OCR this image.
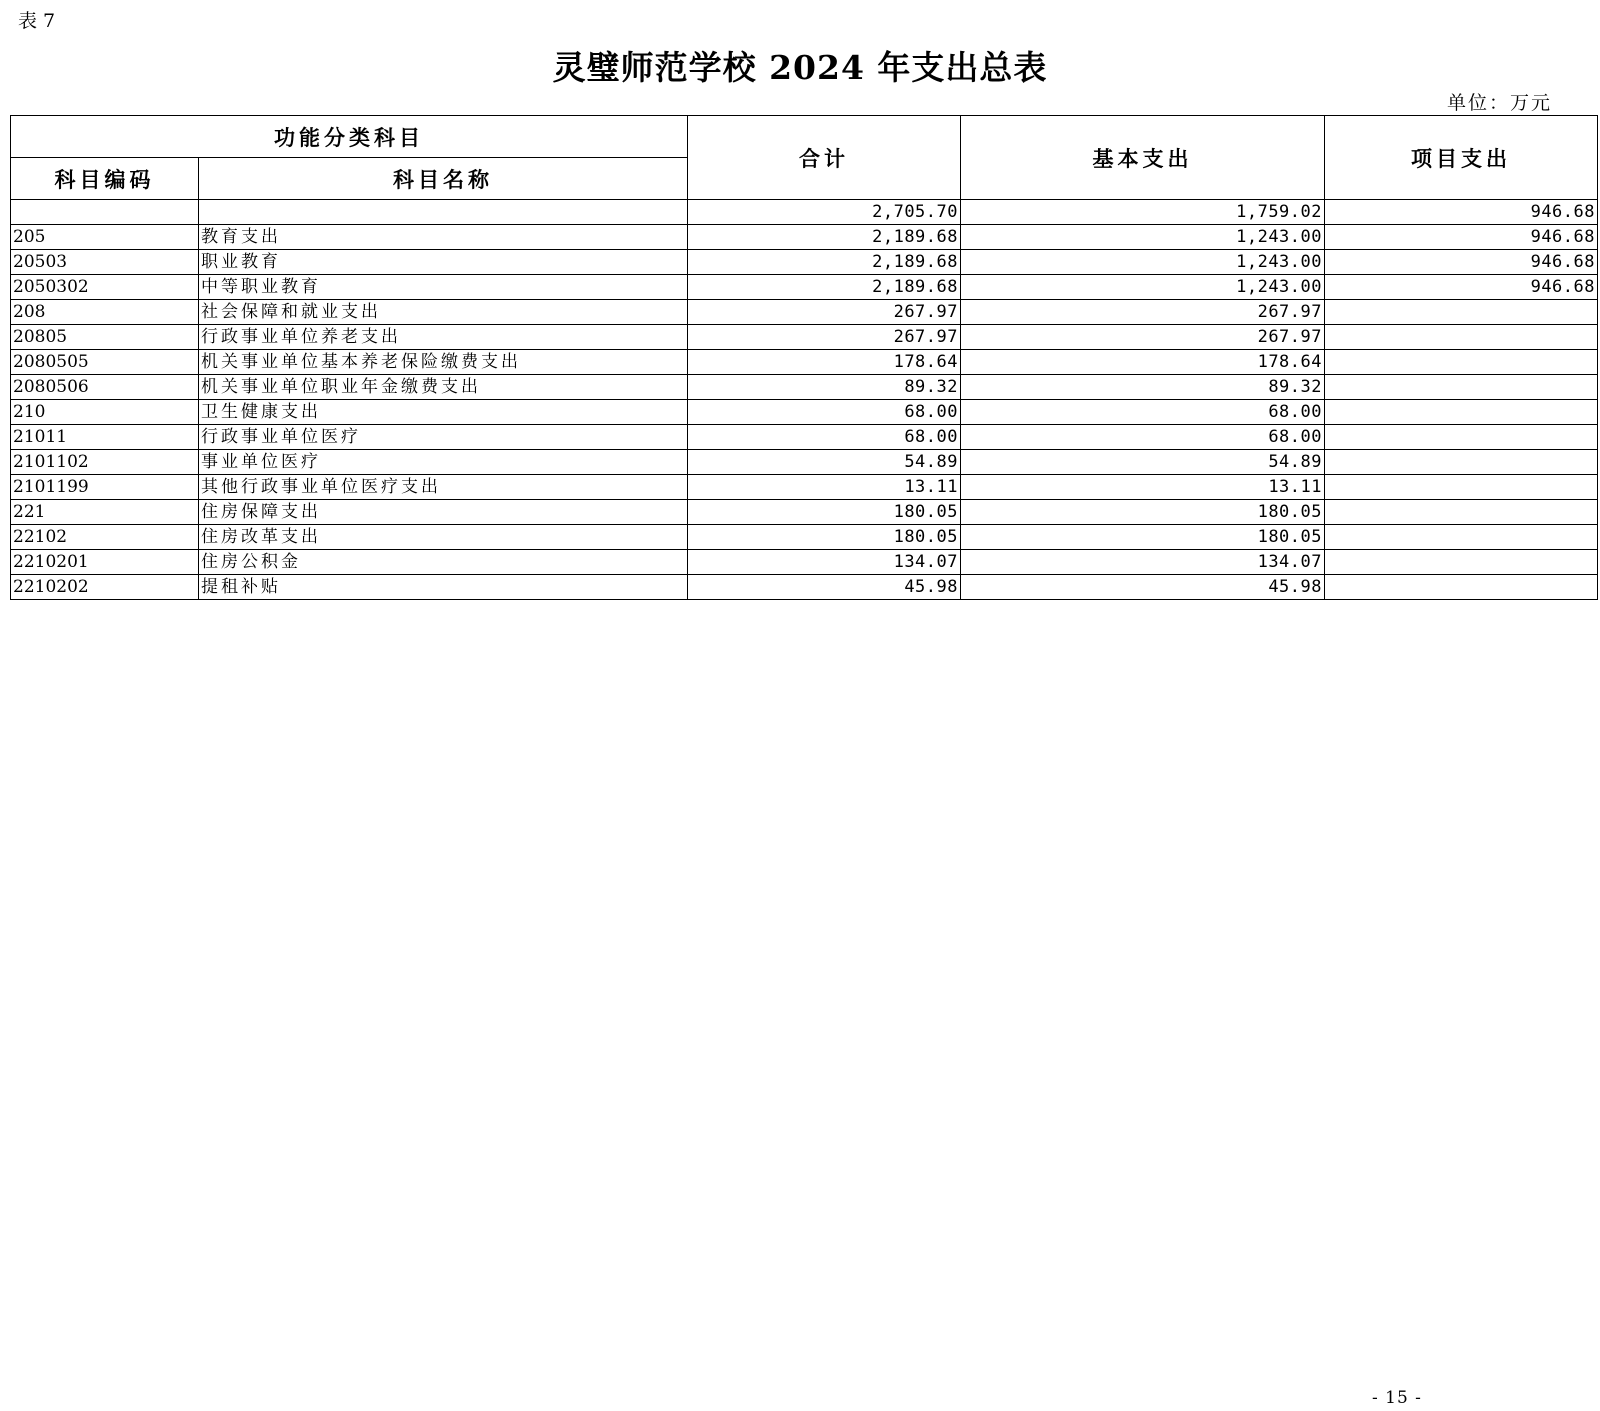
表 7
灵璧师范学校 2024 年支出总表
单位：万元
功能分类科目		合计	基本支出	项目支出
科目编码	科目名称			
		2,705.70	1,759.02	946.68
205	教育支出	2,189.68	1,243.00	946.68
20503	职业教育	2,189.68	1,243.00	946.68
2050302	中等职业教育	2,189.68	1,243.00	946.68
208	社会保障和就业支出	267.97	267.97	
20805	行政事业单位养老支出	267.97	267.97	
2080505	机关事业单位基本养老保险缴费支出	178.64	178.64	
2080506	机关事业单位职业年金缴费支出	89.32	89.32	
210	卫生健康支出	68.00	68.00	
21011	行政事业单位医疗	68.00	68.00	
2101102	事业单位医疗	54.89	54.89	
2101199	其他行政事业单位医疗支出	13.11	13.11	
221	住房保障支出	180.05	180.05	
22102	住房改革支出	180.05	180.05	
2210201	住房公积金	134.07	134.07	
2210202	提租补贴	45.98	45.98	
- 15 -
